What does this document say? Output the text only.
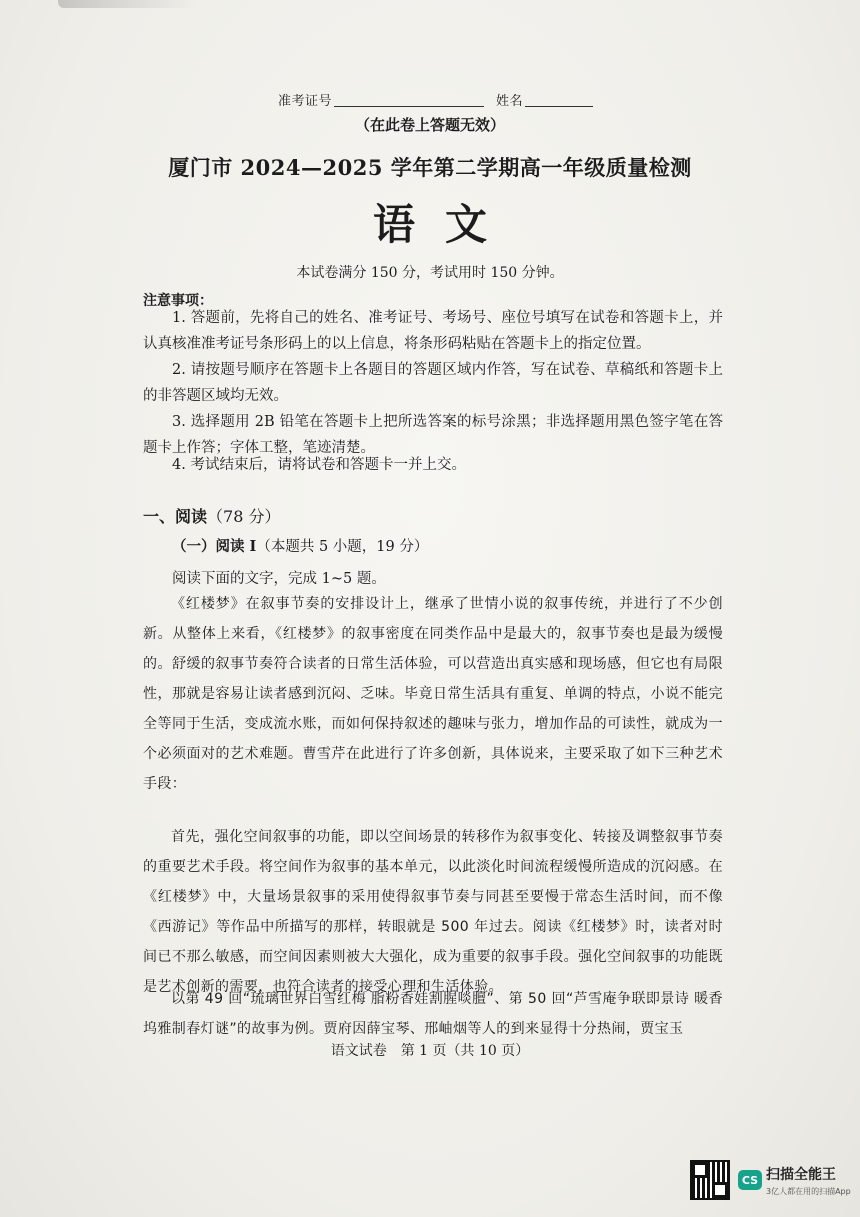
准考证号	姓名
（在此卷上答题无效）
厦门市 2024—2025 学年第二学期高一年级质量检测
语文
本试卷满分 150 分，考试用时 150 分钟。
注意事项：
1. 答题前，先将自己的姓名、准考证号、考场号、座位号填写在试卷和答题卡上，并认真核准准考证号条形码上的以上信息，将条形码粘贴在答题卡上的指定位置。
2. 请按题号顺序在答题卡上各题目的答题区域内作答，写在试卷、草稿纸和答题卡上的非答题区域均无效。
3. 选择题用 2B 铅笔在答题卡上把所选答案的标号涂黑；非选择题用黑色签字笔在答题卡上作答；字体工整，笔迹清楚。
4. 考试结束后，请将试卷和答题卡一并上交。
一、阅读（78 分）
（一）阅读 I（本题共 5 小题，19 分）
阅读下面的文字，完成 1~5 题。
《红楼梦》在叙事节奏的安排设计上，继承了世情小说的叙事传统，并进行了不少创新。从整体上来看，《红楼梦》的叙事密度在同类作品中是最大的，叙事节奏也是最为缓慢的。舒缓的叙事节奏符合读者的日常生活体验，可以营造出真实感和现场感，但它也有局限性，那就是容易让读者感到沉闷、乏味。毕竟日常生活具有重复、单调的特点，小说不能完全等同于生活，变成流水账，而如何保持叙述的趣味与张力，增加作品的可读性，就成为一个必须面对的艺术难题。曹雪芹在此进行了许多创新，具体说来，主要采取了如下三种艺术手段：
首先，强化空间叙事的功能，即以空间场景的转移作为叙事变化、转接及调整叙事节奏的重要艺术手段。将空间作为叙事的基本单元，以此淡化时间流程缓慢所造成的沉闷感。在《红楼梦》中，大量场景叙事的采用使得叙事节奏与同甚至要慢于常态生活时间，而不像《西游记》等作品中所描写的那样，转眼就是 500 年过去。阅读《红楼梦》时，读者对时间已不那么敏感，而空间因素则被大大强化，成为重要的叙事手段。强化空间叙事的功能既是艺术创新的需要，也符合读者的接受心理和生活体验。
以第 49 回“琉璃世界白雪红梅 脂粉香娃割腥啖膻”、第 50 回“芦雪庵争联即景诗 暖香坞雅制春灯谜”的故事为例。贾府因薛宝琴、邢岫烟等人的到来显得十分热闹，贾宝玉
语文试卷　第 1 页（共 10 页）
CS 扫描全能王
3亿人都在用的扫描App
